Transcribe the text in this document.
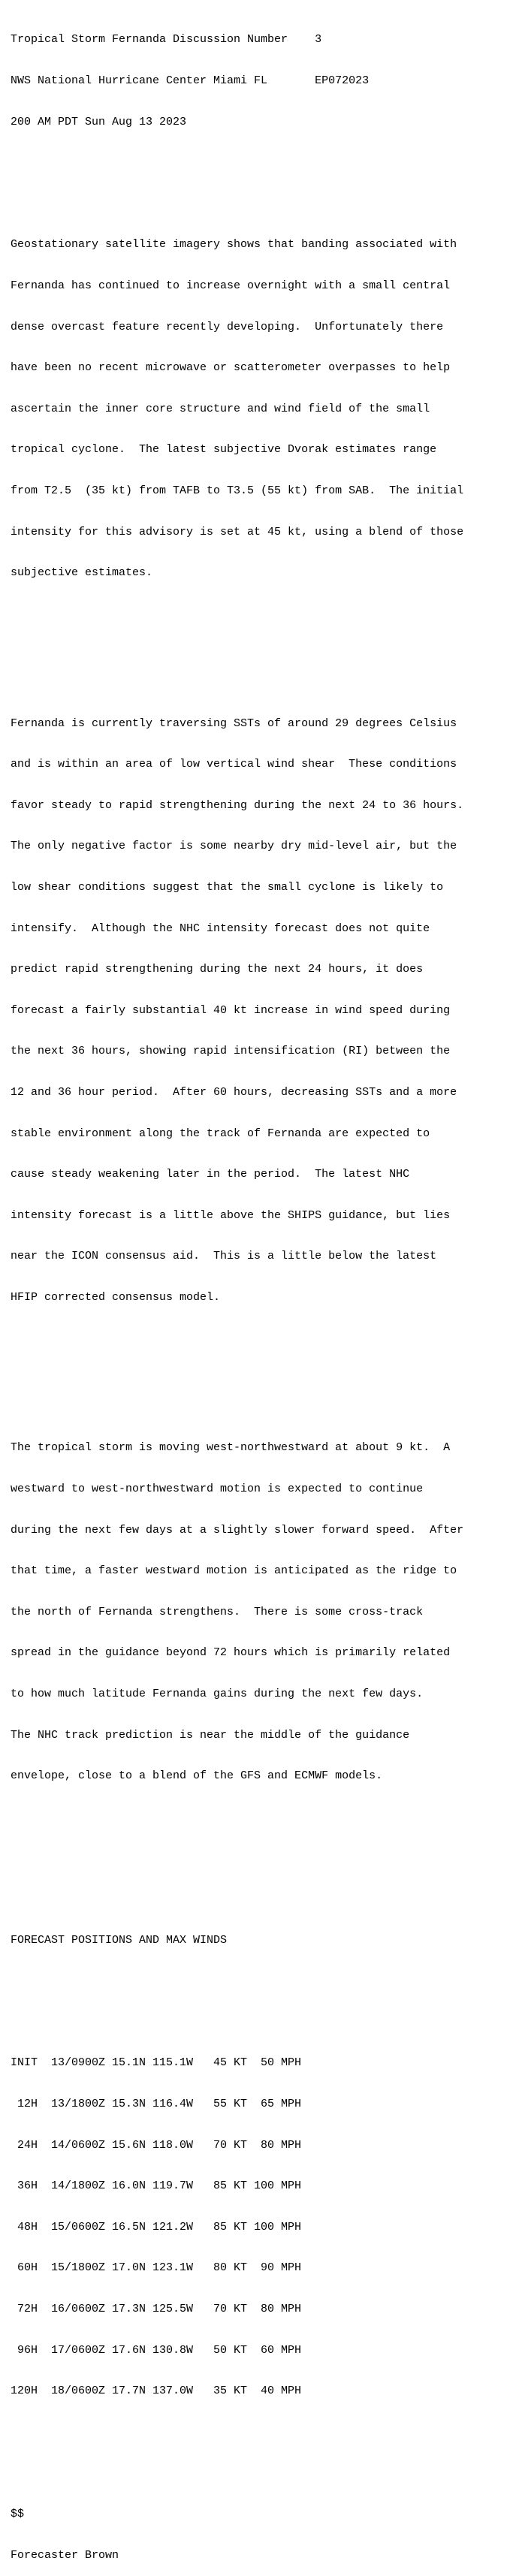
Tropical Storm Fernanda Discussion Number    3

NWS National Hurricane Center Miami FL       EP072023

200 AM PDT Sun Aug 13 2023

Geostationary satellite imagery shows that banding associated with

Fernanda has continued to increase overnight with a small central

dense overcast feature recently developing.  Unfortunately there

have been no recent microwave or scatterometer overpasses to help

ascertain the inner core structure and wind field of the small

tropical cyclone.  The latest subjective Dvorak estimates range

from T2.5  (35 kt) from TAFB to T3.5 (55 kt) from SAB.  The initial

intensity for this advisory is set at 45 kt, using a blend of those

subjective estimates.

Fernanda is currently traversing SSTs of around 29 degrees Celsius

and is within an area of low vertical wind shear  These conditions

favor steady to rapid strengthening during the next 24 to 36 hours.

The only negative factor is some nearby dry mid-level air, but the

low shear conditions suggest that the small cyclone is likely to

intensify.  Although the NHC intensity forecast does not quite

predict rapid strengthening during the next 24 hours, it does

forecast a fairly substantial 40 kt increase in wind speed during

the next 36 hours, showing rapid intensification (RI) between the

12 and 36 hour period.  After 60 hours, decreasing SSTs and a more

stable environment along the track of Fernanda are expected to

cause steady weakening later in the period.  The latest NHC

intensity forecast is a little above the SHIPS guidance, but lies

near the ICON consensus aid.  This is a little below the latest

HFIP corrected consensus model.

The tropical storm is moving west-northwestward at about 9 kt.  A

westward to west-northwestward motion is expected to continue

during the next few days at a slightly slower forward speed.  After

that time, a faster westward motion is anticipated as the ridge to

the north of Fernanda strengthens.  There is some cross-track

spread in the guidance beyond 72 hours which is primarily related

to how much latitude Fernanda gains during the next few days.

The NHC track prediction is near the middle of the guidance

envelope, close to a blend of the GFS and ECMWF models.

FORECAST POSITIONS AND MAX WINDS

INIT  13/0900Z 15.1N 115.1W   45 KT  50 MPH

12H  13/1800Z 15.3N 116.4W   55 KT  65 MPH

24H  14/0600Z 15.6N 118.0W   70 KT  80 MPH

36H  14/1800Z 16.0N 119.7W   85 KT 100 MPH

48H  15/0600Z 16.5N 121.2W   85 KT 100 MPH

60H  15/1800Z 17.0N 123.1W   80 KT  90 MPH

72H  16/0600Z 17.3N 125.5W   70 KT  80 MPH

96H  17/0600Z 17.6N 130.8W   50 KT  60 MPH

120H  18/0600Z 17.7N 137.0W   35 KT  40 MPH

$$

Forecaster Brown
